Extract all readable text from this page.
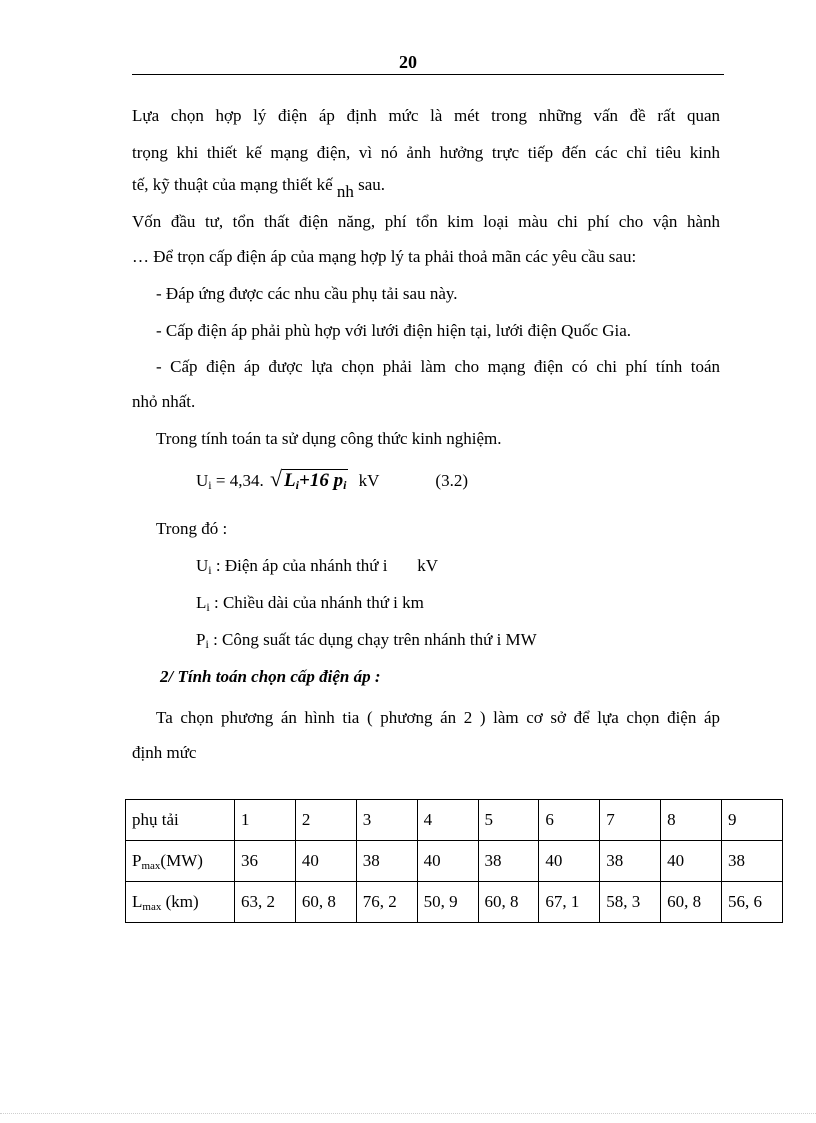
20
Lựa chọn hợp lý điện áp định mức là mét trong những vấn đề rất quan
trọng khi thiết kế mạng điện, vì nó ảnh hưởng trực tiếp đến các chỉ tiêu kinh
tế, kỹ thuật của mạng thiết kế nh sau.
Vốn đầu tư, tổn thất điện năng, phí tổn kim loại màu chi phí cho vận hành
… Để trọn cấp điện áp của mạng hợp lý ta phải thoả mãn các yêu cầu sau:
- Đáp ứng được các nhu cầu phụ tải sau này.
- Cấp điện áp phải phù hợp với lưới điện hiện tại, lưới điện Quốc Gia.
- Cấp điện áp được lựa chọn phải làm cho mạng điện có chi phí tính toán
nhỏ nhất.
Trong tính toán ta sử dụng công thức kinh nghiệm.
Ui = 4,34. √ Li+16 pi kV	(3.2)
Trong đó :
Ui : Điện áp của nhánh thứ i       kV
Li : Chiều dài của nhánh thứ i km
Pi : Công suất tác dụng chạy trên nhánh thứ i MW
2/ Tính toán chọn cấp điện áp :
Ta chọn phương án hình tia ( phương án 2 ) làm cơ sở để lựa chọn điện áp
định mức
phụ tải	1	2	3	4	5	6	7	8	9
$P_{max}(MW)$	36	40	38	40	38	40	38	40	38
$L_{max}$ (km)	63, 2	60, 8	76, 2	50, 9	60, 8	67, 1	58, 3	60, 8	56, 6
